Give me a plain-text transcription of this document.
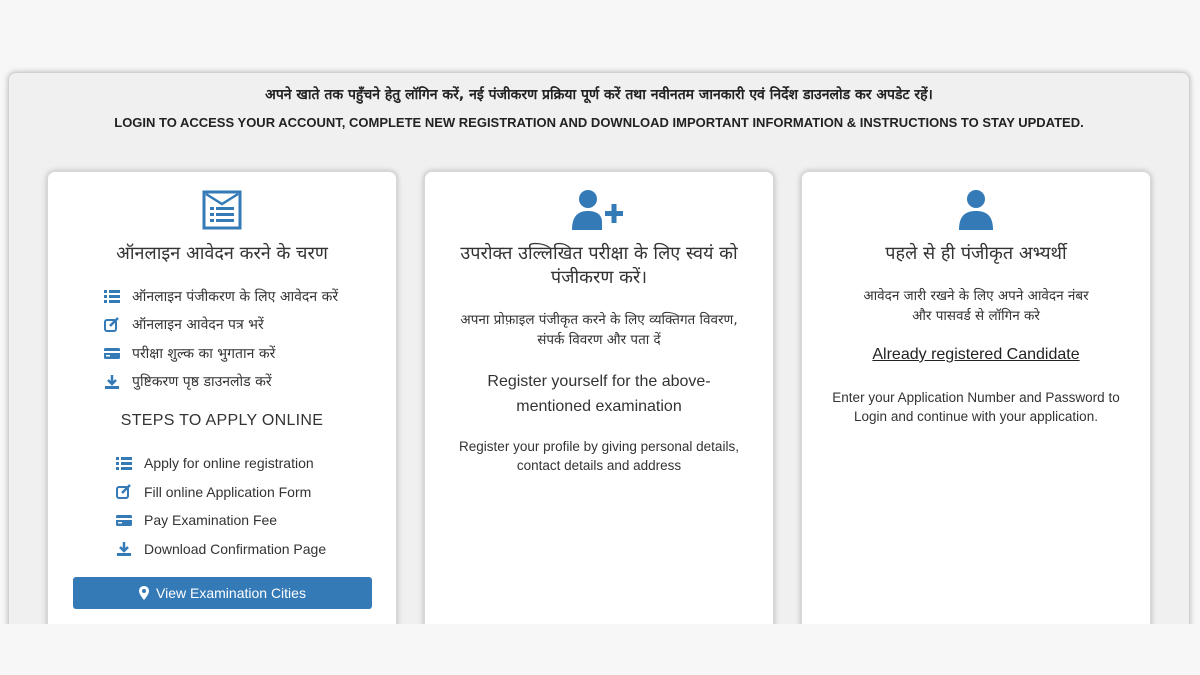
अपने खाते तक पहुँचने हेतु लॉगिन करें, नई पंजीकरण प्रक्रिया पूर्ण करें तथा नवीनतम जानकारी एवं निर्देश डाउनलोड कर अपडेट रहें।
LOGIN TO ACCESS YOUR ACCOUNT, COMPLETE NEW REGISTRATION AND DOWNLOAD IMPORTANT INFORMATION & INSTRUCTIONS TO STAY UPDATED.
ऑनलाइन आवेदन करने के चरण
ऑनलाइन पंजीकरण के लिए आवेदन करें
ऑनलाइन आवेदन पत्र भरें
परीक्षा शुल्क का भुगतान करें
पुष्टिकरण पृष्ठ डाउनलोड करें
STEPS TO APPLY ONLINE
Apply for online registration
Fill online Application Form
Pay Examination Fee
Download Confirmation Page
View Examination Cities
उपरोक्त उल्लिखित परीक्षा के लिए स्वयं को पंजीकरण करें।
अपना प्रोफ़ाइल पंजीकृत करने के लिए व्यक्तिगत विवरण, संपर्क विवरण और पता दें
Register yourself for the above-mentioned examination
Register your profile by giving personal details, contact details and address
पहले से ही पंजीकृत अभ्यर्थी
आवेदन जारी रखने के लिए अपने आवेदन नंबर और पासवर्ड से लॉगिन करे
Already registered Candidate
Enter your Application Number and Password to Login and continue with your application.
